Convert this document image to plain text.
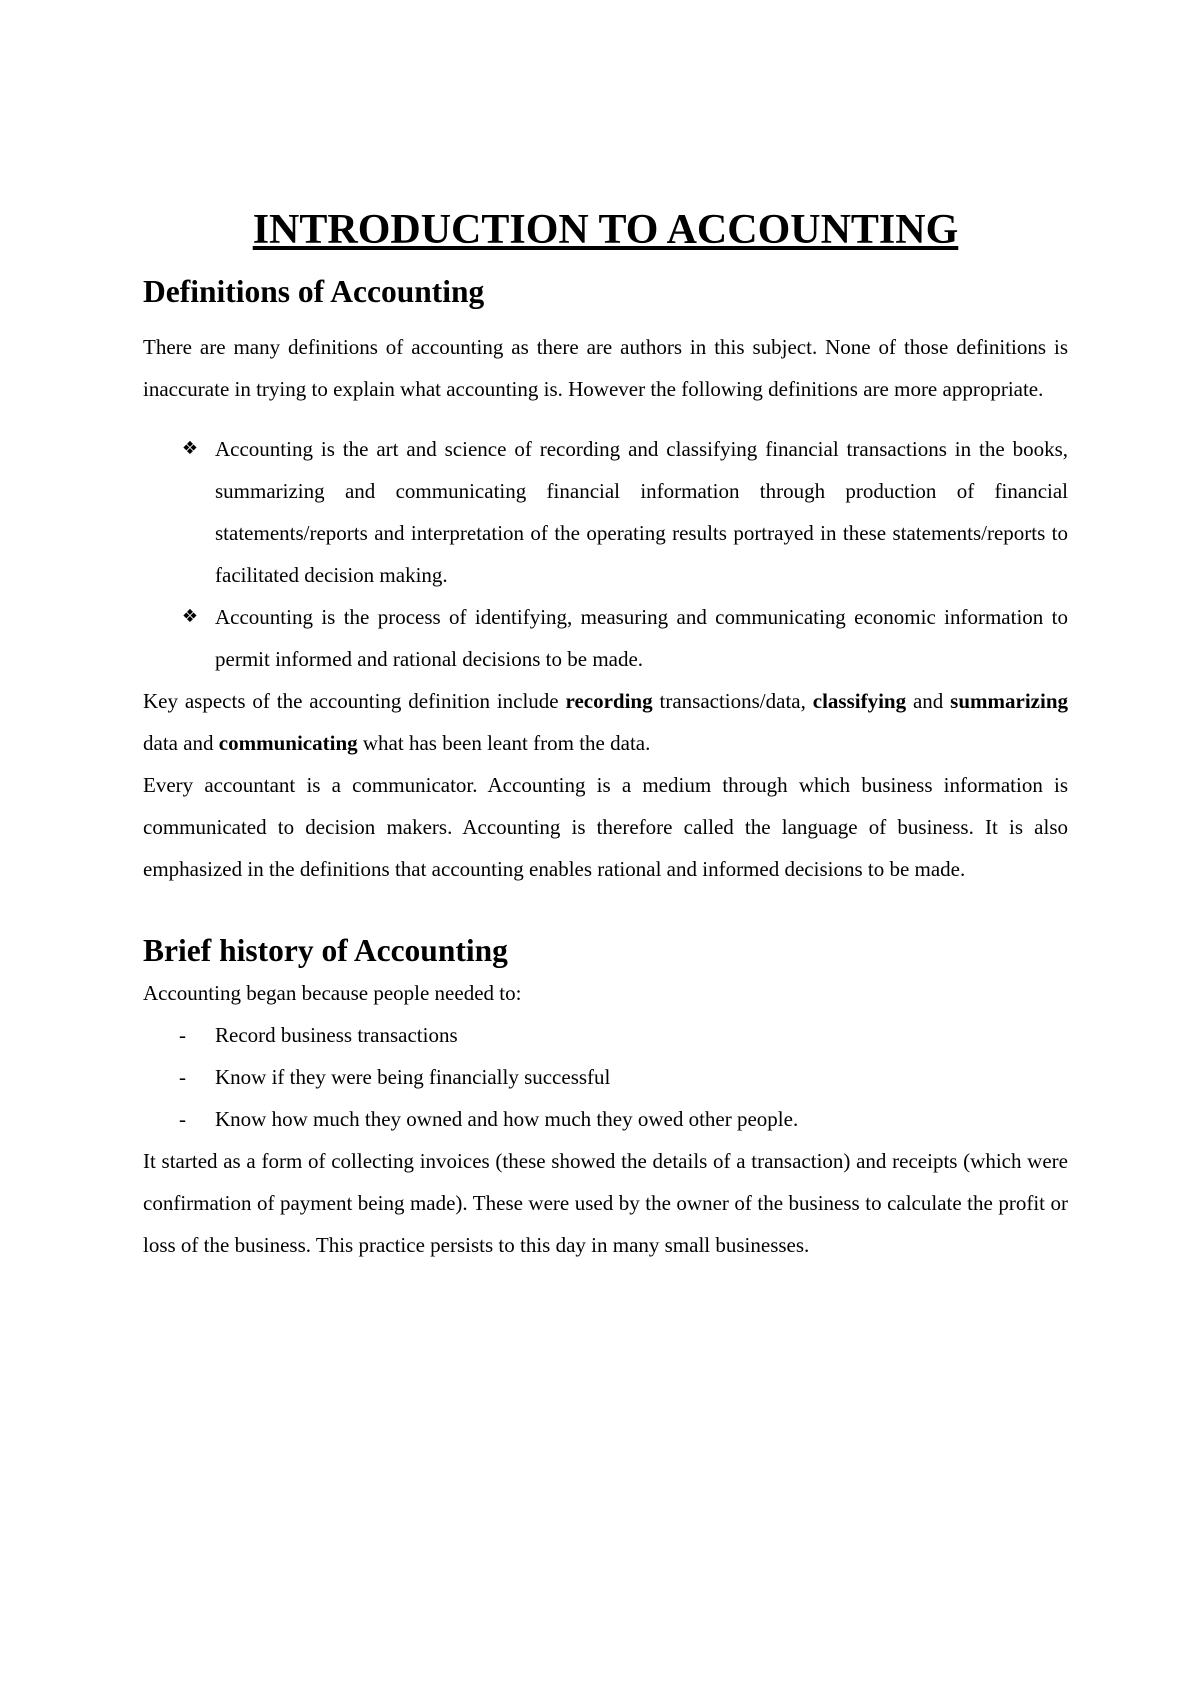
INTRODUCTION TO ACCOUNTING
Definitions of Accounting

There are many definitions of accounting as there are authors in this subject. None of those definitions is inaccurate in trying to explain what accounting is. However the following definitions are more appropriate.

❖ Accounting is the art and science of recording and classifying financial transactions in the books, summarizing and communicating financial information through production of financial statements/reports and interpretation of the operating results portrayed in these statements/reports to facilitated decision making.
❖ Accounting is the process of identifying, measuring and communicating economic information to permit informed and rational decisions to be made.

Key aspects of the accounting definition include recording transactions/data, classifying and summarizing data and communicating what has been leant from the data.

Every accountant is a communicator. Accounting is a medium through which business information is communicated to decision makers. Accounting is therefore called the language of business. It is also emphasized in the definitions that accounting enables rational and informed decisions to be made.

Brief history of Accounting

Accounting began because people needed to:

- Record business transactions
- Know if they were being financially successful
- Know how much they owned and how much they owed other people.

It started as a form of collecting invoices (these showed the details of a transaction) and receipts (which were confirmation of payment being made). These were used by the owner of the business to calculate the profit or loss of the business. This practice persists to this day in many small businesses.
